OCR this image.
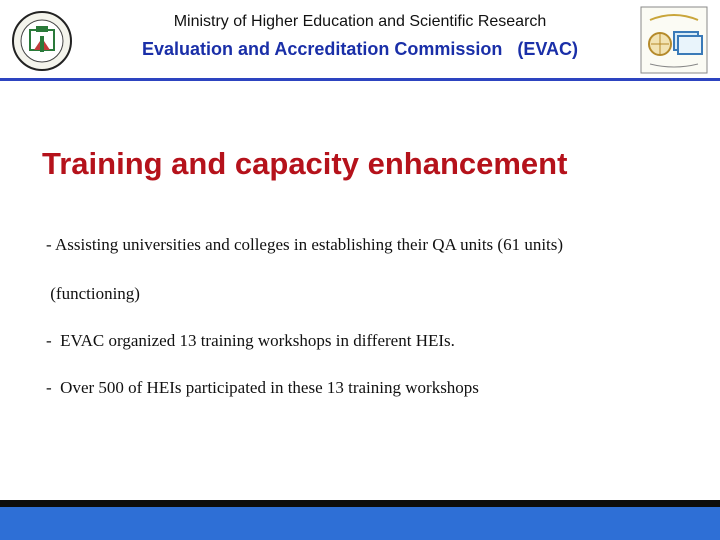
Ministry of Higher Education and Scientific Research
Evaluation and Accreditation Commission   (EVAC)
Training and capacity enhancement
- Assisting universities and colleges in establishing their QA units (61 units)
(functioning)
-  EVAC organized 13 training workshops in different HEIs.
-  Over 500 of HEIs participated in these 13 training workshops
